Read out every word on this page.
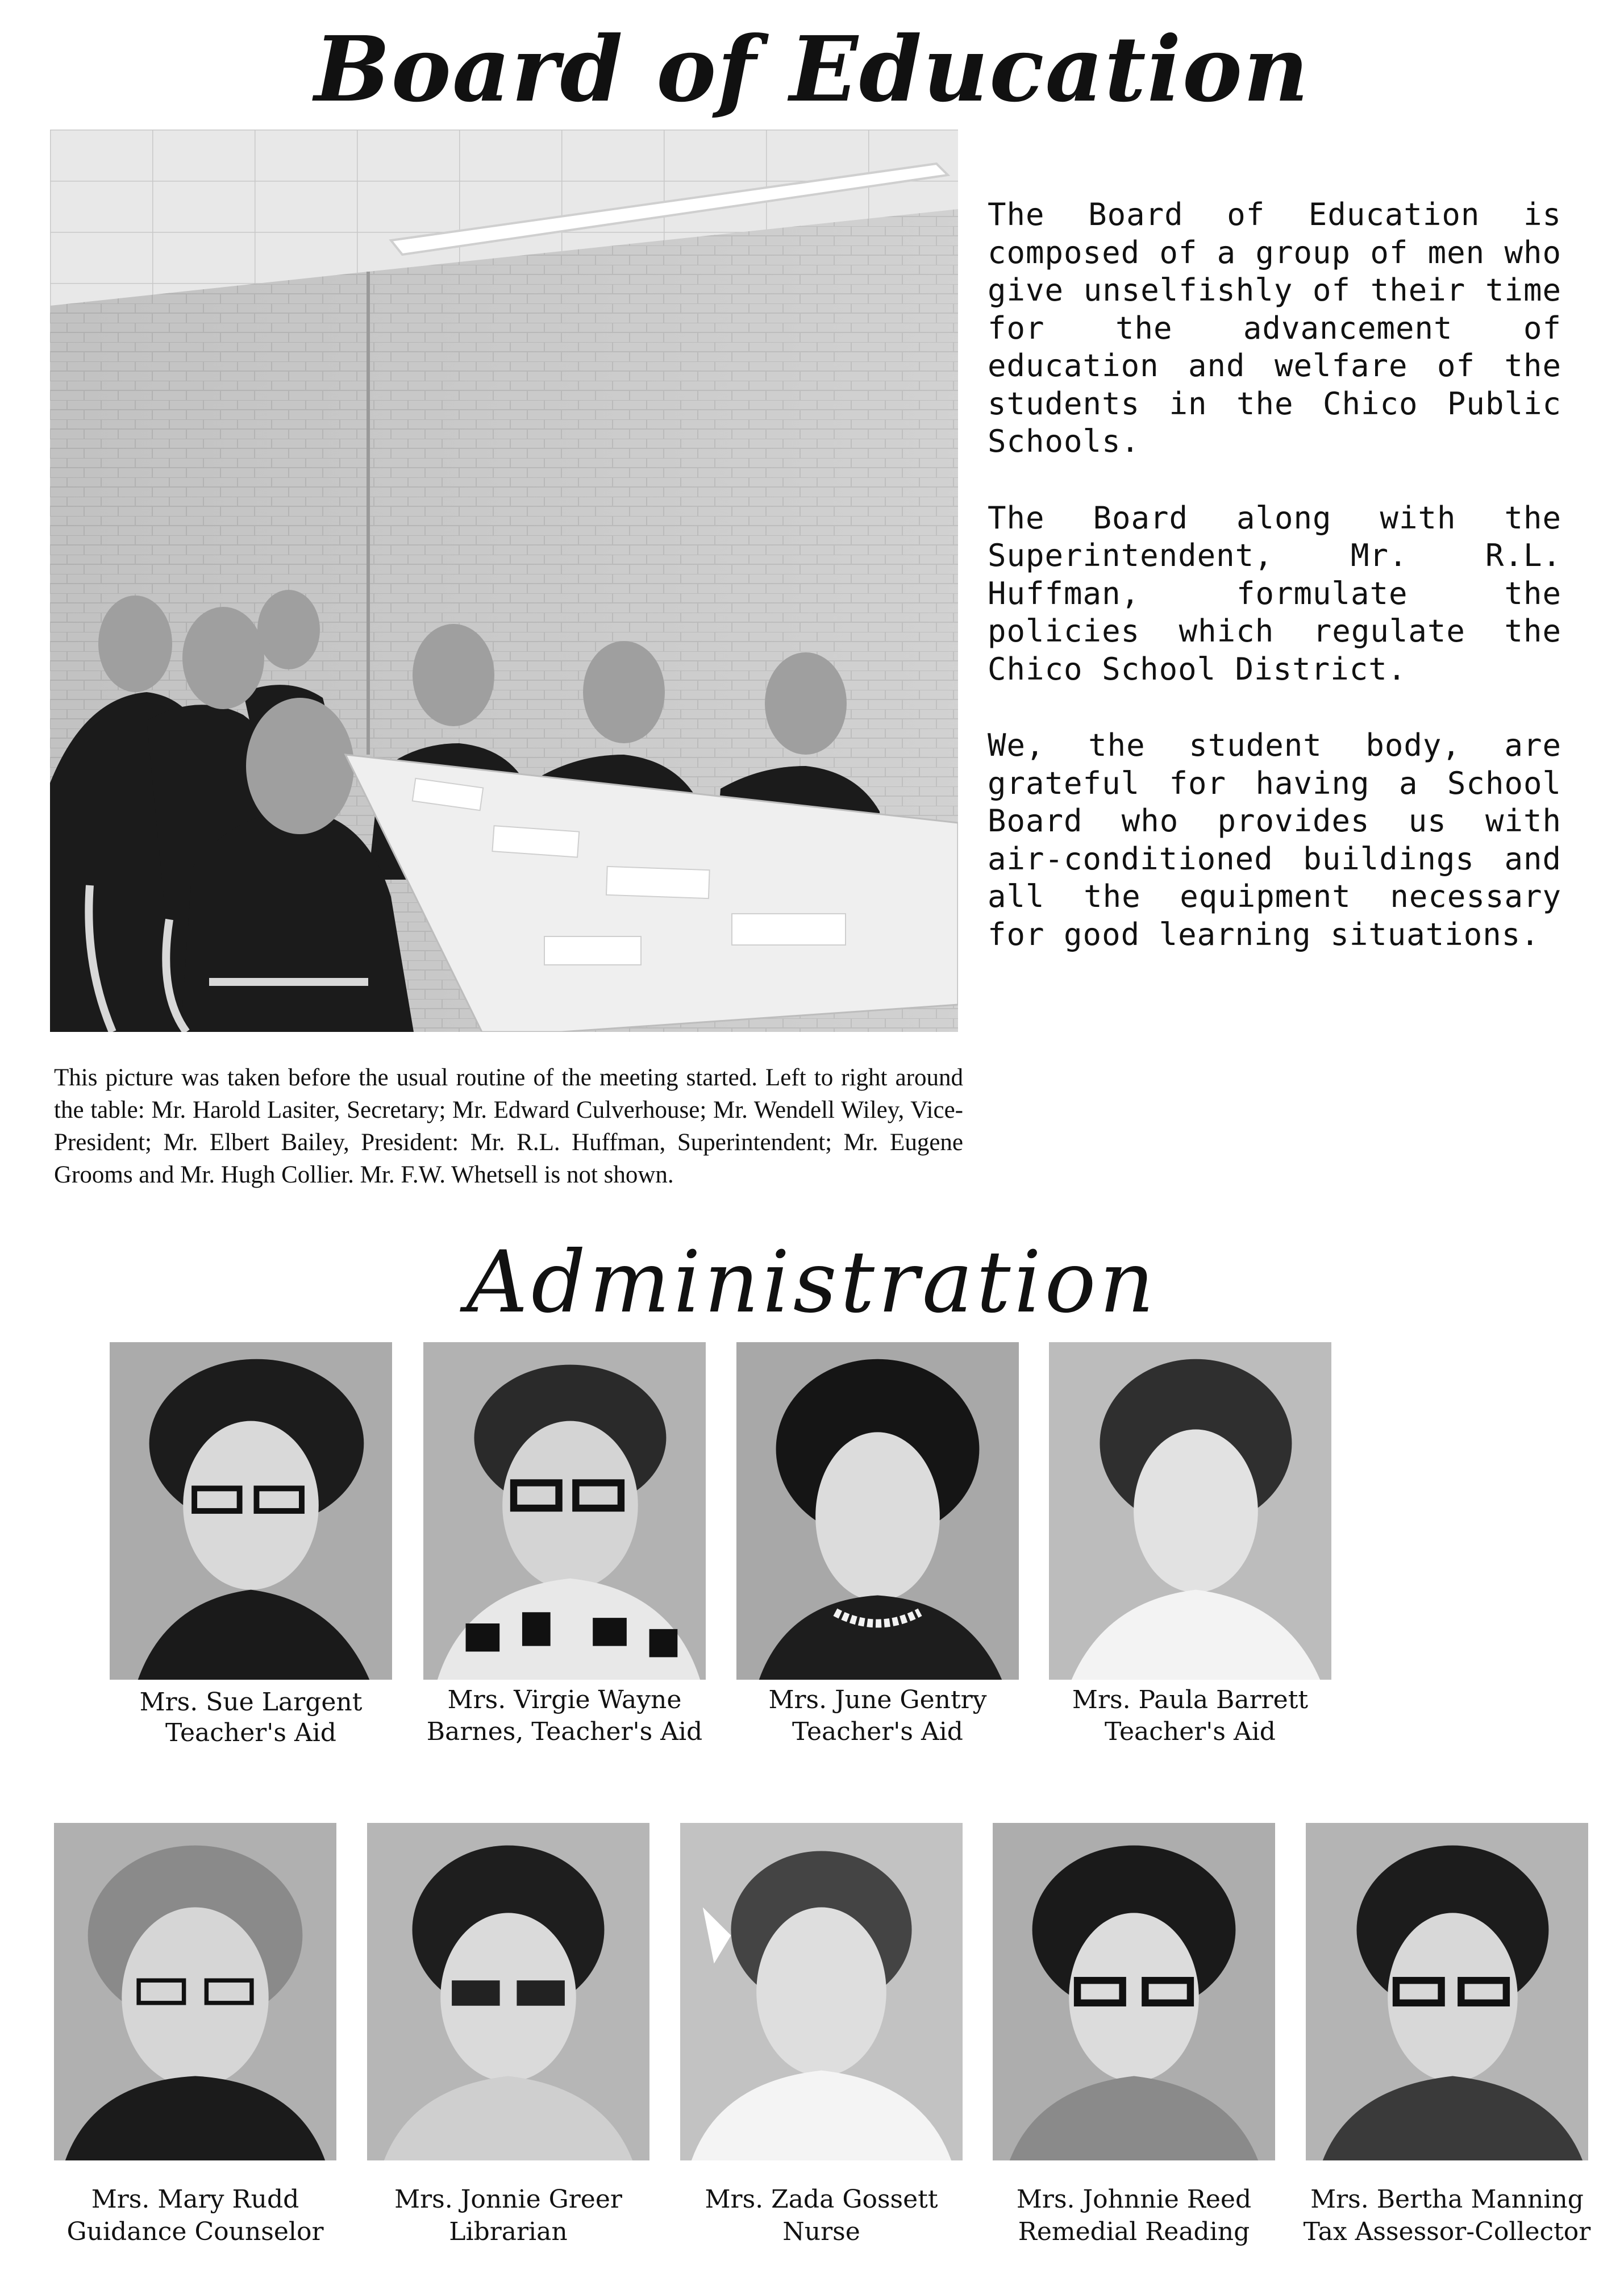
Board of Education

The Board of Education is composed of a group of men who give unselfishly of their time for the advancement of education and welfare of the students in the Chico Public Schools.

The Board along with the Superintendent, Mr. R.L. Huffman, formulate the policies which regulate the Chico School District.

We, the student body, are grateful for having a School Board who provides us with air-conditioned buildings and all the equipment necessary for good learning situations.

This picture was taken before the usual routine of the meeting started. Left to right around the table: Mr. Harold Lasiter, Secretary; Mr. Edward Culverhouse; Mr. Wendell Wiley, Vice-President; Mr. Elbert Bailey, President: Mr. R.L. Huffman, Superintendent; Mr. Eugene Grooms and Mr. Hugh Collier. Mr. F.W. Whetsell is not shown.
Administration
Mrs. Sue Largent
Teacher's Aid
Mrs. Virgie Wayne
Barnes, Teacher's Aid
Mrs. June Gentry
Teacher's Aid
Mrs. Paula Barrett
Teacher's Aid
Mrs. Mary Rudd
Guidance Counselor
Mrs. Jonnie Greer
Librarian
Mrs. Zada Gossett
Nurse
Mrs. Johnnie Reed
Remedial Reading
Mrs. Bertha Manning
Tax Assessor-Collector
